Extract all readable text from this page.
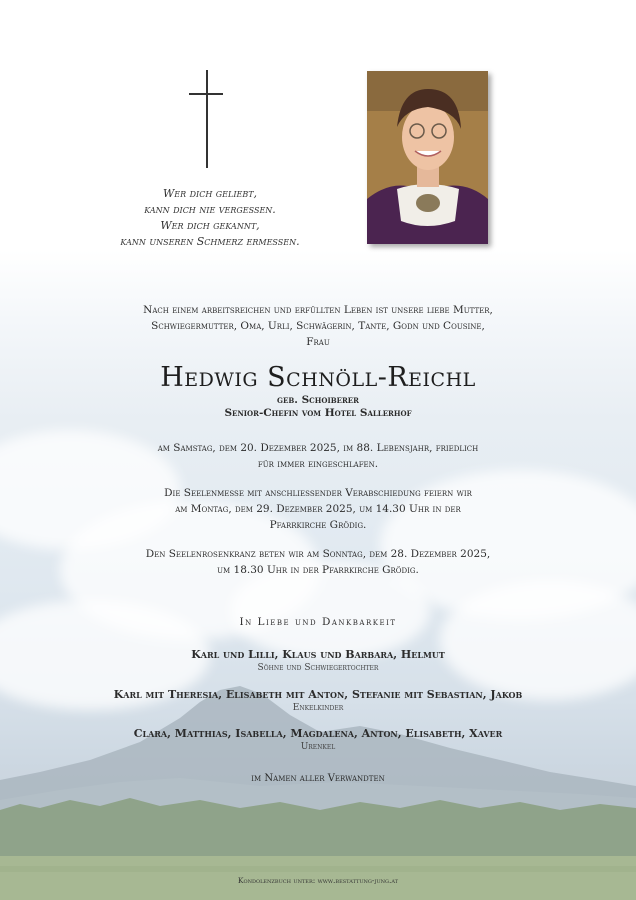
Wer dich geliebt,
kann dich nie vergessen.
Wer dich gekannt,
kann unseren Schmerz ermessen.
Nach einem arbeitsreichen und erfüllten Leben ist unsere liebe Mutter,
Schwiegermutter, Oma, Urli, Schwägerin, Tante, Godn und Cousine,
Frau
Hedwig Schnöll-Reichl
geb. Schoiberer
Senior-Chefin vom Hotel Sallerhof
am Samstag, dem 20. Dezember 2025, im 88. Lebensjahr, friedlich
für immer eingeschlafen.
Die Seelenmesse mit anschliessender Verabschiedung feiern wir
am Montag, dem 29. Dezember 2025, um 14.30 Uhr in der
Pfarrkirche Grödig.
Den Seelenrosenkranz beten wir am Sonntag, dem 28. Dezember 2025,
um 18.30 Uhr in der Pfarrkirche Grödig.
In Liebe und Dankbarkeit
Karl und Lilli, Klaus und Barbara, Helmut
Söhne und Schwiegertochter
Karl mit Theresia, Elisabeth mit Anton, Stefanie mit Sebastian, Jakob
Enkelkinder
Clara, Matthias, Isabella, Magdalena, Anton, Elisabeth, Xaver
Urenkel
im Namen aller Verwandten
Kondolenzbuch unter: www.bestattung-jung.at
